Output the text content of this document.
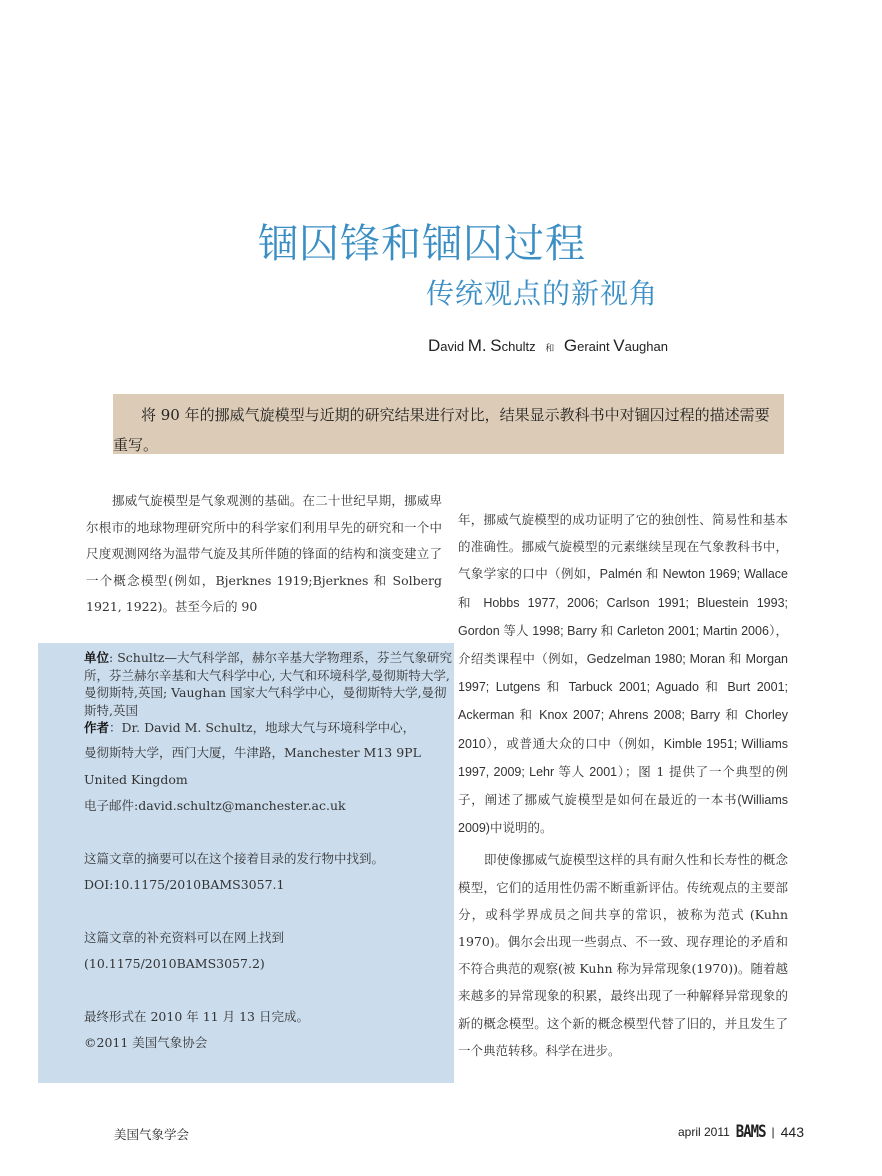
锢囚锋和锢囚过程
传统观点的新视角
David M. Schultz 和 Geraint Vaughan
将 90 年的挪威气旋模型与近期的研究结果进行对比，结果显示教科书中对锢囚过程的描述需要重写。
挪威气旋模型是气象观测的基础。在二十世纪早期，挪威卑尔根市的地球物理研究所中的科学家们利用早先的研究和一个中尺度观测网络为温带气旋及其所伴随的锋面的结构和演变建立了一个概念模型(例如，Bjerknes 1919;Bjerknes 和 Solberg 1921, 1922)。甚至今后的 90

单位: Schultz—大气科学部，赫尔辛基大学物理系，芬兰气象研究所，芬兰赫尔辛基和大气科学中心, 大气和环境科学,曼彻斯特大学,曼彻斯特,英国; Vaughan 国家大气科学中心，曼彻斯特大学,曼彻斯特,英国

作者：Dr. David M. Schultz，地球大气与环境科学中心，

曼彻斯特大学，西门大厦，牛津路，Manchester M13 9PL

United Kingdom

电子邮件:david.schultz@manchester.ac.uk

这篇文章的摘要可以在这个接着目录的发行物中找到。

DOI:10.1175/2010BAMS3057.1

这篇文章的补充资料可以在网上找到

(10.1175/2010BAMS3057.2)

最终形式在 2010 年 11 月 13 日完成。

©2011 美国气象协会

年，挪威气旋模型的成功证明了它的独创性、简易性和基本的准确性。挪威气旋模型的元素继续呈现在气象教科书中，气象学家的口中（例如，Palmén 和 Newton 1969; Wallace 和 Hobbs 1977, 2006; Carlson 1991; Bluestein 1993; Gordon 等人 1998; Barry 和 Carleton 2001; Martin 2006），介绍类课程中（例如，Gedzelman 1980; Moran 和 Morgan 1997; Lutgens 和 Tarbuck 2001; Aguado 和 Burt 2001; Ackerman 和 Knox 2007; Ahrens 2008; Barry 和 Chorley 2010），或普通大众的口中（例如，Kimble 1951; Williams 1997, 2009; Lehr 等人 2001）；图 1 提供了一个典型的例子，阐述了挪威气旋模型是如何在最近的一本书(Williams 2009)中说明的。

即使像挪威气旋模型这样的具有耐久性和长寿性的概念模型，它们的适用性仍需不断重新评估。传统观点的主要部分，或科学界成员之间共享的常识，被称为范式 (Kuhn 1970)。偶尔会出现一些弱点、不一致、现存理论的矛盾和不符合典范的观察(被 Kuhn 称为异常现象(1970))。随着越来越多的异常现象的积累，最终出现了一种解释异常现象的新的概念模型。这个新的概念模型代替了旧的，并且发生了一个典范转移。科学在进步。

美国气象学会	april 2011 BAMS | 443
